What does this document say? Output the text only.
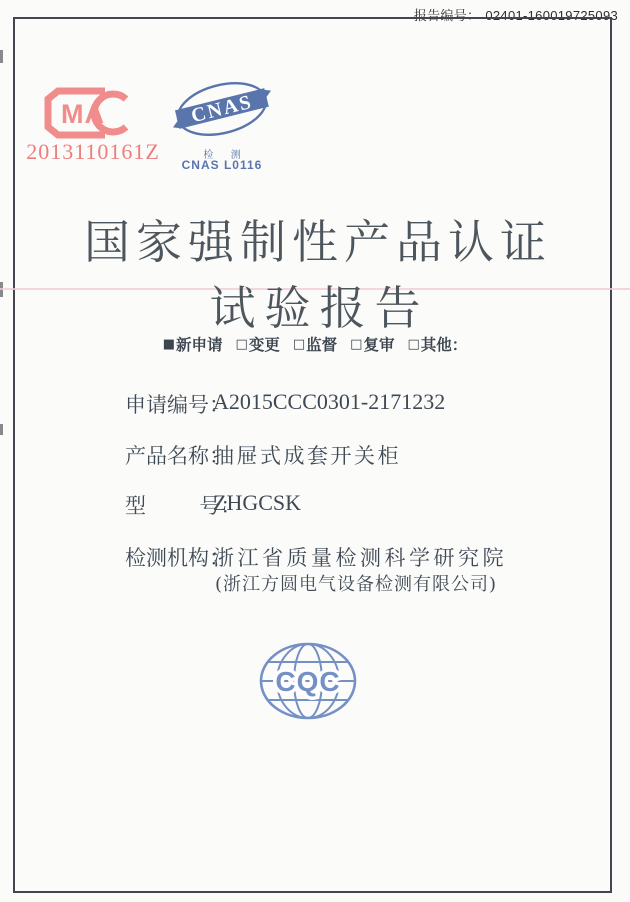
报告编号： 02401-160019725093
MA
2013110161Z
CNAS
检 测
CNAS L0116
国家强制性产品认证
试验报告
■ 新申请 □ 变更 □ 监督 □ 复审 □ 其他：
申请编号：
A2015CCC0301-2171232
产品名称：
抽屉式成套开关柜
型        号：
ZHGCSK
检测机构：
浙江省质量检测科学研究院
(浙江方圆电气设备检测有限公司)
CQC
